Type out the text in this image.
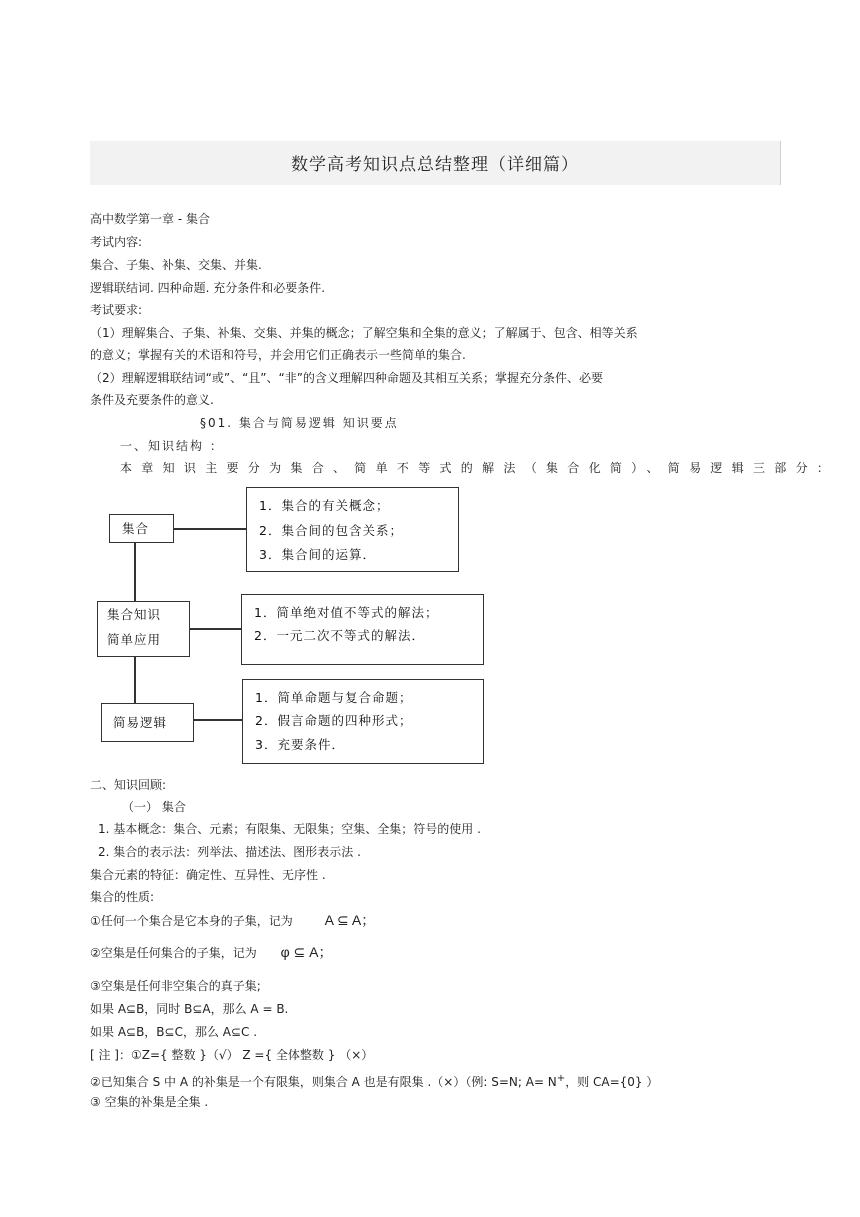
数学高考知识点总结整理（详细篇）
高中数学第一章 - 集合
考试内容:
集合、子集、补集、交集、并集.
逻辑联结词. 四种命题. 充分条件和必要条件.
考试要求:
（1）理解集合、子集、补集、交集、并集的概念；了解空集和全集的意义；了解属于、包含、相等关系
的意义；掌握有关的术语和符号，并会用它们正确表示一些简单的集合.
（2）理解逻辑联结词“或”、“且”、“非”的含义理解四种命题及其相互关系；掌握充分条件、必要
条件及充要条件的意义.
§01. 集合与简易逻辑 知识要点
一、知识结构 ：
本章知识主要分为集合、简单不等式的解法（集合化简）、简易逻辑三部分：
集合
集合知识
简单应用
简易逻辑
1．集合的有关概念；
2．集合间的包含关系；
3．集合间的运算．
1．简单绝对值不等式的解法；
2．一元二次不等式的解法．
1．简单命题与复合命题；
2．假言命题的四种形式；
3．充要条件．
二、知识回顾:
（一） 集合
1. 基本概念：集合、元素；有限集、无限集；空集、全集；符号的使用 .
2. 集合的表示法：列举法、描述法、图形表示法 .
集合元素的特征：确定性、互异性、无序性 .
集合的性质:
①任何一个集合是它本身的子集，记为 A ⊆ A；
②空集是任何集合的子集，记为 φ ⊆ A；
③空集是任何非空集合的真子集;
如果 A⊆B，同时 B⊆A，那么 A = B.
如果 A⊆B，B⊆C，那么 A⊆C .
[ 注 ]：①Z={ 整数 }（√） Z ={ 全体整数 } （×）
②已知集合 S 中 A 的补集是一个有限集，则集合 A 也是有限集 .（×）（例: S=N; A= N+，则 CA={0} ）
③ 空集的补集是全集 .
